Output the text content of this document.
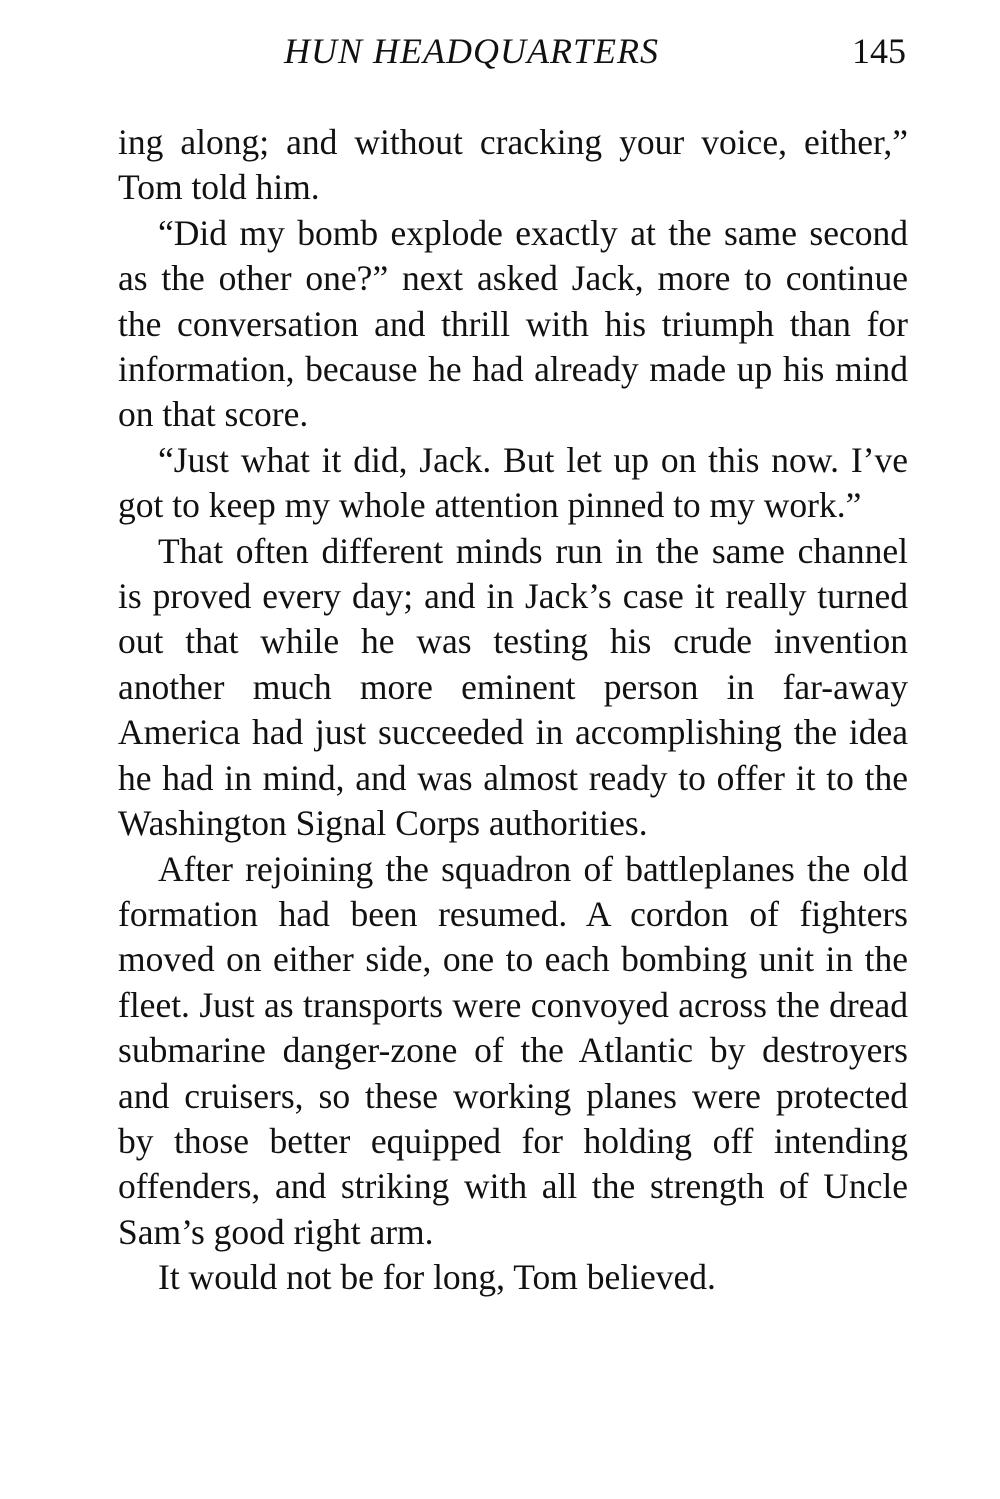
HUN HEADQUARTERS	145

ing along; and without cracking your voice, either,” Tom told him.

“Did my bomb explode exactly at the same second as the other one?” next asked Jack, more to continue the conversation and thrill with his triumph than for information, because he had already made up his mind on that score.

“Just what it did, Jack. But let up on this now. I’ve got to keep my whole attention pinned to my work.”

That often different minds run in the same channel is proved every day; and in Jack’s case it really turned out that while he was testing his crude invention another much more eminent person in far-away America had just succeeded in accomplishing the idea he had in mind, and was almost ready to offer it to the Washington Signal Corps authorities.

After rejoining the squadron of battleplanes the old formation had been resumed. A cordon of fighters moved on either side, one to each bombing unit in the fleet. Just as transports were convoyed across the dread submarine danger-zone of the Atlantic by destroyers and cruisers, so these working planes were protected by those better equipped for holding off intending offenders, and striking with all the strength of Uncle Sam’s good right arm.

It would not be for long, Tom believed.
